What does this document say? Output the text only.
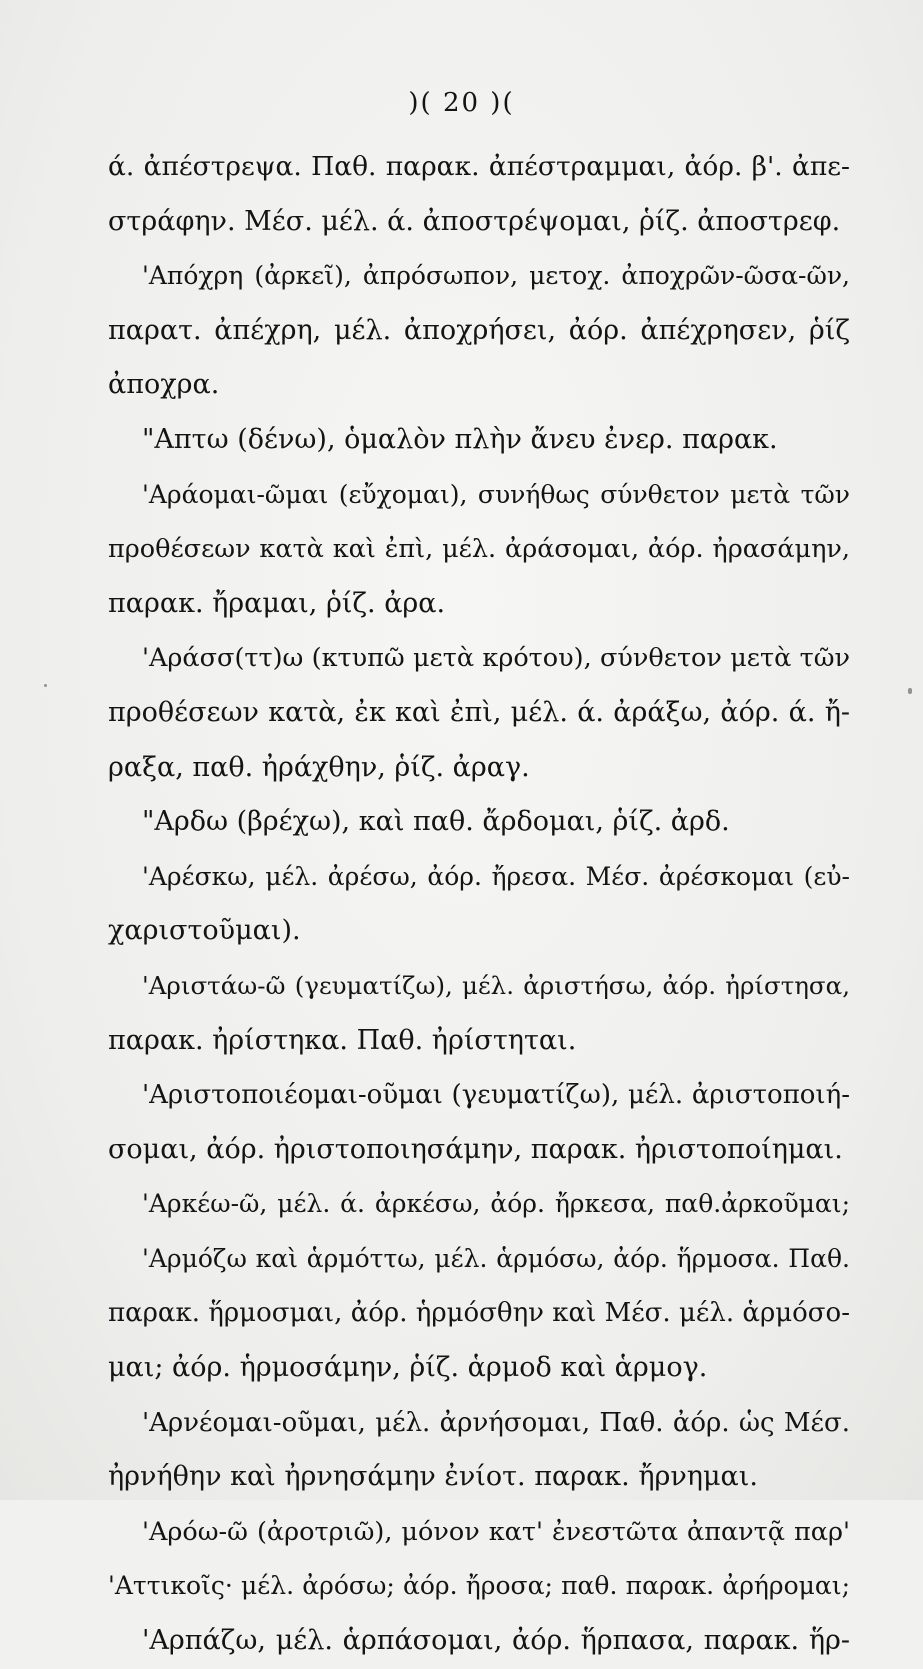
)( 20 )(
ά. ἀπέστρεψα. Παθ. παρακ. ἀπέστραμμαι, ἀόρ. β'. ἀπε-
στράφην. Μέσ. μέλ. ά. ἀποστρέψομαι, ῥίζ. ἀποστρεφ.
'Απόχρη (ἀρκεῖ), ἀπρόσωπον, μετοχ. ἀποχρῶν-ῶσα-ῶν,
παρατ. ἀπέχρη, μέλ. ἀποχρήσει, ἀόρ. ἀπέχρησεν, ῥίζ
ἀποχρα.
"Απτω (δένω), ὁμαλὸν πλὴν ἄνευ ἐνερ. παρακ.
'Αράομαι-ῶμαι (εὔχομαι), συνήθως σύνθετον μετὰ τῶν
προθέσεων κατὰ καὶ ἐπὶ, μέλ. ἀράσομαι, ἀόρ. ἠρασάμην,
παρακ. ἤραμαι, ῥίζ. ἀρα.
'Αράσσ(ττ)ω (κτυπῶ μετὰ κρότου), σύνθετον μετὰ τῶν
προθέσεων κατὰ, ἐκ καὶ ἐπὶ, μέλ. ά. ἀράξω, ἀόρ. ά. ἤ-
ραξα, παθ. ἠράχθην, ῥίζ. ἀραγ.
"Αρδω (βρέχω), καὶ παθ. ἄρδομαι, ῥίζ. ἀρδ.
'Αρέσκω, μέλ. ἀρέσω, ἀόρ. ἤρεσα. Μέσ. ἀρέσκομαι (εὐ-
χαριστοῦμαι).
'Αριστάω-ῶ (γευματίζω), μέλ. ἀριστήσω, ἀόρ. ἠρίστησα,
παρακ. ἠρίστηκα. Παθ. ἠρίστηται.
'Αριστοποιέομαι-οῦμαι (γευματίζω), μέλ. ἀριστοποιή-
σομαι, ἀόρ. ἠριστοποιησάμην, παρακ. ἠριστοποίημαι.
'Αρκέω-ῶ, μέλ. ά. ἀρκέσω, ἀόρ. ἤρκεσα, παθ.ἀρκοῦμαι;
'Αρμόζω καὶ ἁρμόττω, μέλ. ἁρμόσω, ἀόρ. ἥρμοσα. Παθ.
παρακ. ἥρμοσμαι, ἀόρ. ἡρμόσθην καὶ Μέσ. μέλ. ἁρμόσο-
μαι; ἀόρ. ἡρμοσάμην, ῥίζ. ἁρμοδ καὶ ἁρμογ.
'Αρνέομαι-οῦμαι, μέλ. ἀρνήσομαι, Παθ. ἀόρ. ὡς Μέσ.
ἠρνήθην καὶ ἠρνησάμην ἐνίοτ. παρακ. ἤρνημαι.
'Αρόω-ῶ (ἀροτριῶ), μόνον κατ' ἐνεστῶτα ἀπαντᾷ παρ'
'Αττικοῖς· μέλ. ἀρόσω; ἀόρ. ἤροσα; παθ. παρακ. ἀρήρομαι;
'Αρπάζω, μέλ. ἁρπάσομαι, ἀόρ. ἥρπασα, παρακ. ἥρ-
